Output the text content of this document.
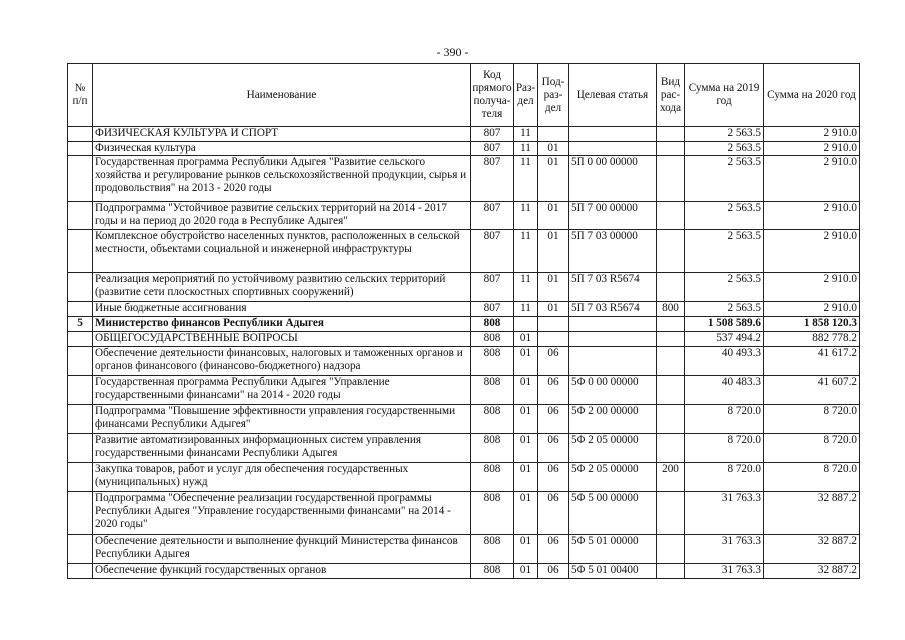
- 390 -
№ п/п	Наименование	Код прямого получа-теля	Раз-дел	Под-раз-дел	Целевая статья	Вид рас-хода	Сумма на 2019 год	Сумма на 2020 год
	ФИЗИЧЕСКАЯ КУЛЬТУРА И СПОРТ	807	11				2 563.5	2 910.0
	Физическая культура	807	11	01			2 563.5	2 910.0
	Государственная программа Республики Адыгея "Развитие сельского хозяйства и регулирование рынков сельскохозяйственной продукции, сырья и продовольствия" на 2013 - 2020 годы	807	11	01	5П 0 00 00000		2 563.5	2 910.0
	Подпрограмма "Устойчивое развитие сельских территорий на 2014 - 2017 годы и на период до 2020 года в Республике Адыгея"	807	11	01	5П 7 00 00000		2 563.5	2 910.0
	Комплексное обустройство населенных пунктов, расположенных в сельской местности, объектами социальной и инженерной инфраструктуры	807	11	01	5П 7 03 00000		2 563.5	2 910.0
	Реализация мероприятий по устойчивому развитию сельских территорий (развитие сети плоскостных спортивных сооружений)	807	11	01	5П 7 03 R5674		2 563.5	2 910.0
	Иные бюджетные ассигнования	807	11	01	5П 7 03 R5674	800	2 563.5	2 910.0
5	Министерство финансов Республики Адыгея	808					1 508 589.6	1 858 120.3
	ОБЩЕГОСУДАРСТВЕННЫЕ ВОПРОСЫ	808	01				537 494.2	882 778.2
	Обеспечение деятельности финансовых, налоговых и таможенных органов и органов финансового (финансово-бюджетного) надзора	808	01	06			40 493.3	41 617.2
	Государственная программа Республики Адыгея "Управление государственными финансами" на 2014 - 2020 годы	808	01	06	5Ф 0 00 00000		40 483.3	41 607.2
	Подпрограмма "Повышение эффективности управления государственными финансами Республики Адыгея"	808	01	06	5Ф 2 00 00000		8 720.0	8 720.0
	Развитие автоматизированных информационных систем управления государственными финансами Республики Адыгея	808	01	06	5Ф 2 05 00000		8 720.0	8 720.0
	Закупка товаров, работ и услуг для обеспечения государственных (муниципальных) нужд	808	01	06	5Ф 2 05 00000	200	8 720.0	8 720.0
	Подпрограмма "Обеспечение реализации государственной программы Республики Адыгея "Управление государственными финансами" на 2014 - 2020 годы"	808	01	06	5Ф 5 00 00000		31 763.3	32 887.2
	Обеспечение деятельности и выполнение функций Министерства финансов Республики Адыгея	808	01	06	5Ф 5 01 00000		31 763.3	32 887.2
	Обеспечение функций государственных органов	808	01	06	5Ф 5 01 00400		31 763.3	32 887.2
